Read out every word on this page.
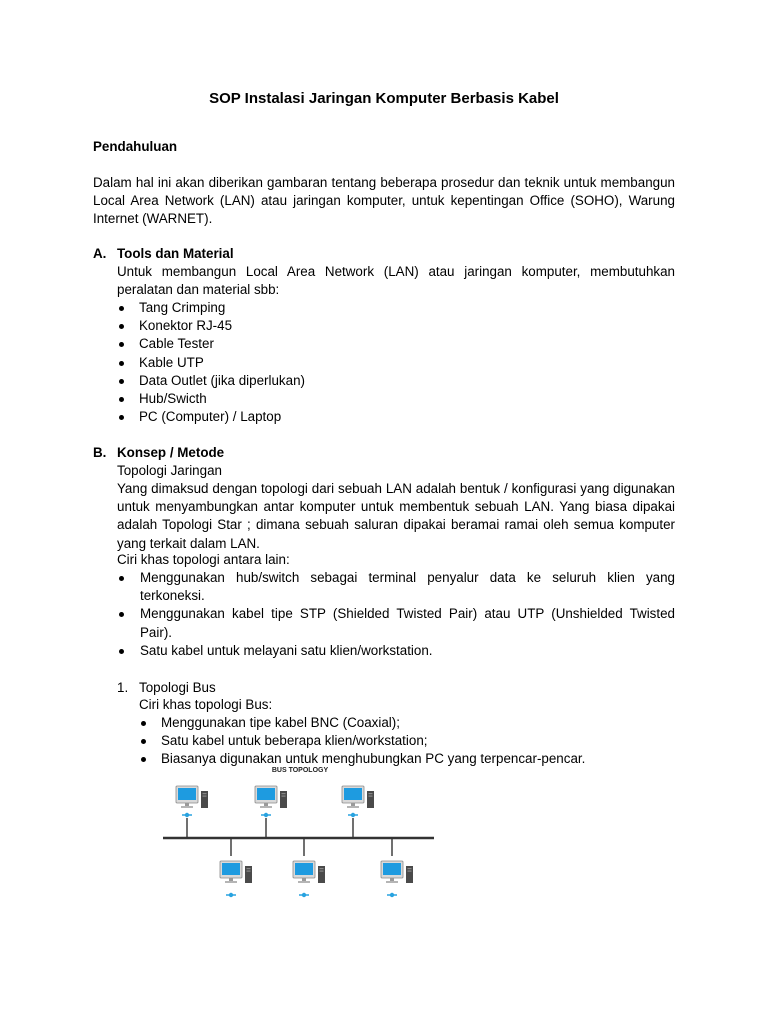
SOP Instalasi Jaringan Komputer Berbasis Kabel
Pendahuluan
Dalam hal ini akan diberikan gambaran tentang beberapa prosedur dan teknik untuk membangun Local Area Network (LAN) atau jaringan komputer, untuk kepentingan Office (SOHO), Warung Internet (WARNET).
A. Tools dan Material
Untuk membangun Local Area Network (LAN) atau jaringan komputer, membutuhkan peralatan dan material sbb:
Tang Crimping
Konektor RJ-45
Cable Tester
Kable UTP
Data Outlet (jika diperlukan)
Hub/Swicth
PC (Computer) / Laptop
B. Konsep / Metode
Topologi Jaringan
Yang dimaksud dengan topologi dari sebuah LAN adalah bentuk / konfigurasi yang digunakan untuk menyambungkan antar komputer untuk membentuk sebuah LAN. Yang biasa dipakai adalah Topologi Star ; dimana sebuah saluran dipakai beramai ramai oleh semua komputer yang terkait dalam LAN.
Ciri khas topologi antara lain:
Menggunakan hub/switch sebagai terminal penyalur data ke seluruh klien yang terkoneksi.
Menggunakan kabel tipe STP (Shielded Twisted Pair) atau UTP (Unshielded Twisted Pair).
Satu kabel untuk melayani satu klien/workstation.
1. Topologi Bus
Ciri khas topologi Bus:
Menggunakan tipe kabel BNC (Coaxial);
Satu kabel untuk beberapa klien/workstation;
Biasanya digunakan untuk menghubungkan PC yang terpencar-pencar.
BUS TOPOLOGY
